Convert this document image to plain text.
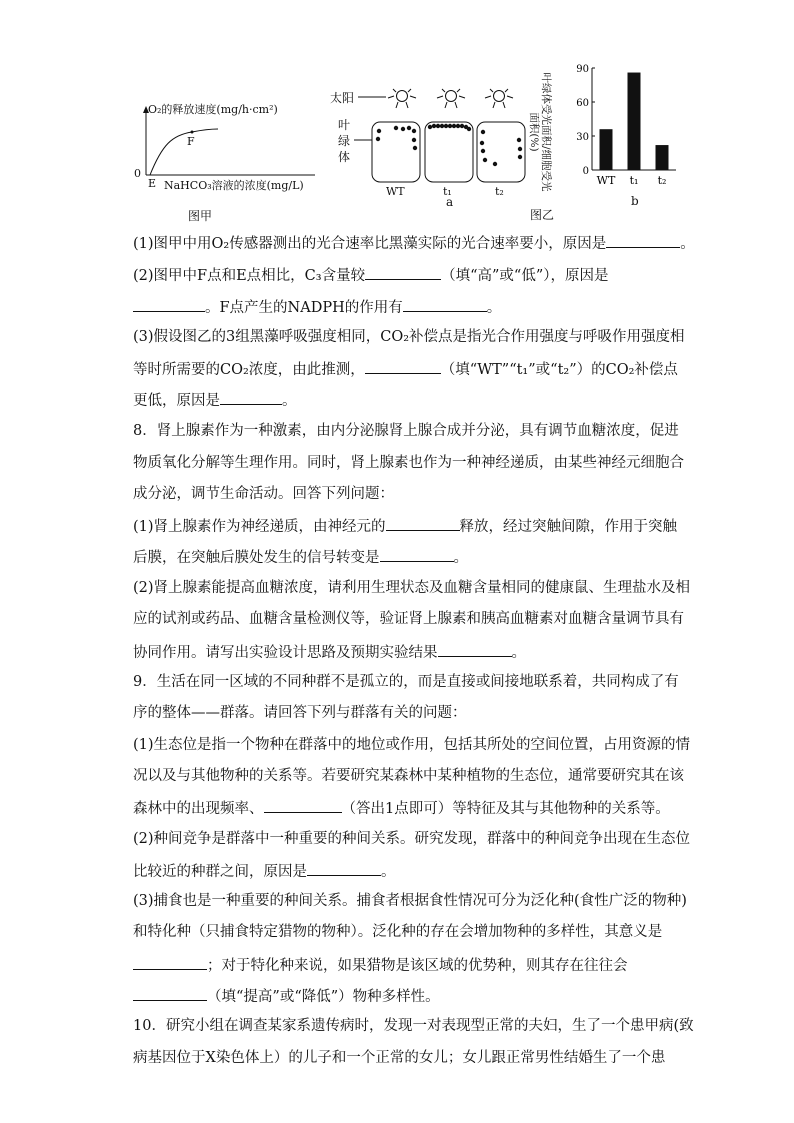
O₂的释放速度(mg/h·cm²)
0
E
F
NaHCO₃溶液的浓度(mg/L)
图甲
太阳
叶
绿
体
WT	t₁	t₂
a
叶绿体受光面积/细胞受光面积(%)
0
30
60
90
WT t₁ t₂
b
图乙
(1)图甲中用O₂传感器测出的光合速率比黑藻实际的光合速率要小，原因是	。
(2)图甲中F点和E点相比，C₃含量较	（填“高”或“低”），原因是
。F点产生的NADPH的作用有	。
(3)假设图乙的3组黑藻呼吸强度相同，CO₂补偿点是指光合作用强度与呼吸作用强度相
等时所需要的CO₂浓度，由此推测，	（填“WT”“t₁”或“t₂”）的CO₂补偿点
更低，原因是	。
8．肾上腺素作为一种激素，由内分泌腺肾上腺合成并分泌，具有调节血糖浓度，促进
物质氧化分解等生理作用。同时，肾上腺素也作为一种神经递质，由某些神经元细胞合
成分泌，调节生命活动。回答下列问题：
(1)肾上腺素作为神经递质，由神经元的	释放，经过突触间隙，作用于突触
后膜，在突触后膜处发生的信号转变是	。
(2)肾上腺素能提高血糖浓度，请利用生理状态及血糖含量相同的健康鼠、生理盐水及相
应的试剂或药品、血糖含量检测仪等，验证肾上腺素和胰高血糖素对血糖含量调节具有
协同作用。请写出实验设计思路及预期实验结果	。
9．生活在同一区域的不同种群不是孤立的，而是直接或间接地联系着，共同构成了有
序的整体——群落。请回答下列与群落有关的问题：
(1)生态位是指一个物种在群落中的地位或作用，包括其所处的空间位置，占用资源的情
况以及与其他物种的关系等。若要研究某森林中某种植物的生态位，通常要研究其在该
森林中的出现频率、	（答出1点即可）等特征及其与其他物种的关系等。
(2)种间竞争是群落中一种重要的种间关系。研究发现，群落中的种间竞争出现在生态位
比较近的种群之间，原因是	。
(3)捕食也是一种重要的种间关系。捕食者根据食性情况可分为泛化种(食性广泛的物种)
和特化种（只捕食特定猎物的物种）。泛化种的存在会增加物种的多样性，其意义是
；对于特化种来说，如果猎物是该区域的优势种，则其存在往往会
（填“提高”或“降低”）物种多样性。
10．研究小组在调查某家系遗传病时，发现一对表现型正常的夫妇，生了一个患甲病(致
病基因位于X染色体上）的儿子和一个正常的女儿；女儿跟正常男性结婚生了一个患
